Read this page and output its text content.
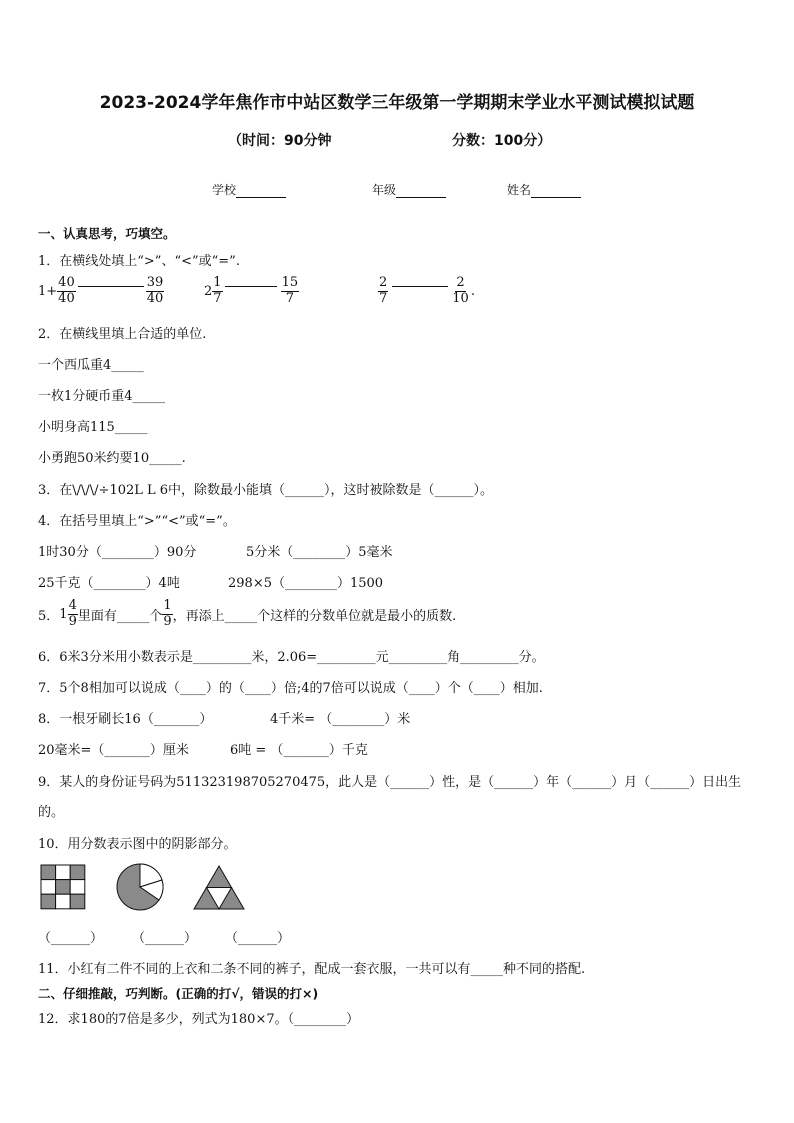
2023-2024学年焦作市中站区数学三年级第一学期期末学业水平测试模拟试题
（时间：90分钟	分数：100分）
学校	年级	姓名
一、认真思考，巧填空。
1．在横线处填上“>”、“<”或“=”.
$1+ \frac{40}{40}$	$\frac{39}{40}$	$2 \frac{1}{7}$	$\frac{15}{7}$	$\frac{2}{7}$	$\frac{2}{10}$ .
2．在横线里填上合适的单位.
一个西瓜重4_____
一枚1分硬币重4_____
小明身高115_____
小勇跑50米约要10_____.
3．在\/\/\/÷102L L 6中，除数最小能填（______），这时被除数是（______）。
4．在括号里填上“>”“<”或“=”。
1时30分（________）90分	5分米（________）5毫米
25千克（________）4吨	298×5（________）1500
5． $1 \frac{4}{9}$ 里面有_____个 $\frac{1}{9}$ ，再添上_____个这样的分数单位就是最小的质数.
6．6米3分米用小数表示是_________米，2.06=_________元_________角_________分。
7．5个8相加可以说成（____）的（____）倍;4的7倍可以说成（____）个（____）相加.
8．一根牙刷长16（_______）	4千米= （________）米
20毫米=（_______）厘米	6吨 = （_______）千克
9．某人的身份证号码为511323198705270475，此人是（______）性，是（______）年（______）月（______）日出生
的。
10．用分数表示图中的阴影部分。
（______） （______） （______）
11．小红有二件不同的上衣和二条不同的裤子，配成一套衣服，一共可以有_____种不同的搭配.
二、仔细推敲，巧判断。(正确的打√，错误的打×)
12．求180的7倍是多少，列式为180×7。（________）
